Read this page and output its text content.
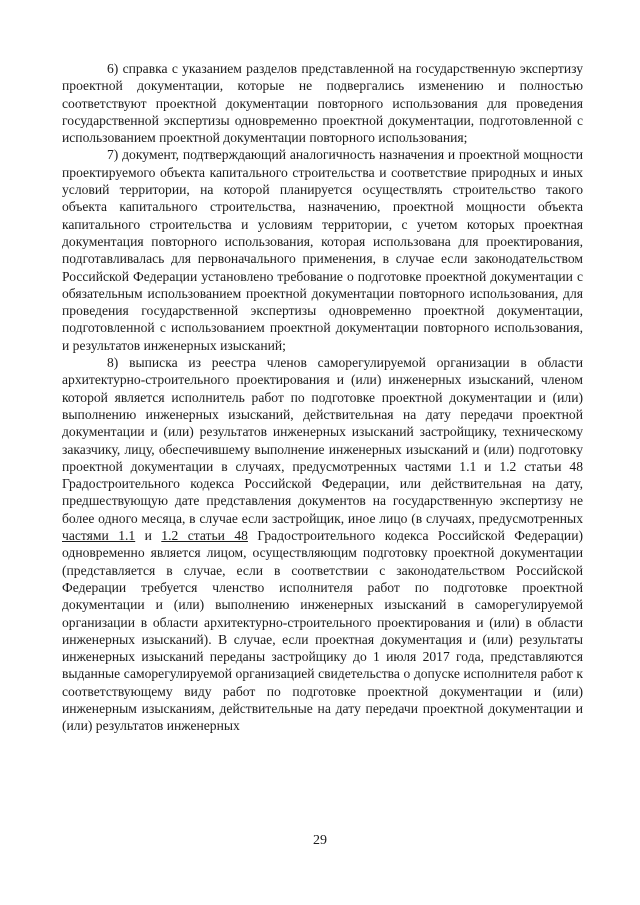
6) справка с указанием разделов представленной на государственную экспертизу проектной документации, которые не подвергались изменению и полностью соответствуют проектной документации повторного использования для проведения государственной экспертизы одновременно проектной документации, подготовленной с использованием проектной документации повторного использования;

7) документ, подтверждающий аналогичность назначения и проектной мощности проектируемого объекта капитального строительства и соответствие природных и иных условий территории, на которой планируется осуществлять строительство такого объекта капитального строительства, назначению, проектной мощности объекта капитального строительства и условиям территории, с учетом которых проектная документация повторного использования, которая использована для проектирования, подготавливалась для первоначального применения, в случае если законодательством Российской Федерации установлено требование о подготовке проектной документации с обязательным использованием проектной документации повторного использования, для проведения государственной экспертизы одновременно проектной документации, подготовленной с использованием проектной документации повторного использования, и результатов инженерных изысканий;

8) выписка из реестра членов саморегулируемой организации в области архитектурно-строительного проектирования и (или) инженерных изысканий, членом которой является исполнитель работ по подготовке проектной документации и (или) выполнению инженерных изысканий, действительная на дату передачи проектной документации и (или) результатов инженерных изысканий застройщику, техническому заказчику, лицу, обеспечившему выполнение инженерных изысканий и (или) подготовку проектной документации в случаях, предусмотренных частями 1.1 и 1.2 статьи 48 Градостроительного кодекса Российской Федерации, или действительная на дату, предшествующую дате представления документов на государственную экспертизу не более одного месяца, в случае если застройщик, иное лицо (в случаях, предусмотренных частями 1.1 и 1.2 статьи 48 Градостроительного кодекса Российской Федерации) одновременно является лицом, осуществляющим подготовку проектной документации (представляется в случае, если в соответствии с законодательством Российской Федерации требуется членство исполнителя работ по подготовке проектной документации и (или) выполнению инженерных изысканий в саморегулируемой организации в области архитектурно-строительного проектирования и (или) в области инженерных изысканий). В случае, если проектная документация и (или) результаты инженерных изысканий переданы застройщику до 1 июля 2017 года, представляются выданные саморегулируемой организацией свидетельства о допуске исполнителя работ к соответствующему виду работ по подготовке проектной документации и (или) инженерным изысканиям, действительные на дату передачи проектной документации и (или) результатов инженерных

29
